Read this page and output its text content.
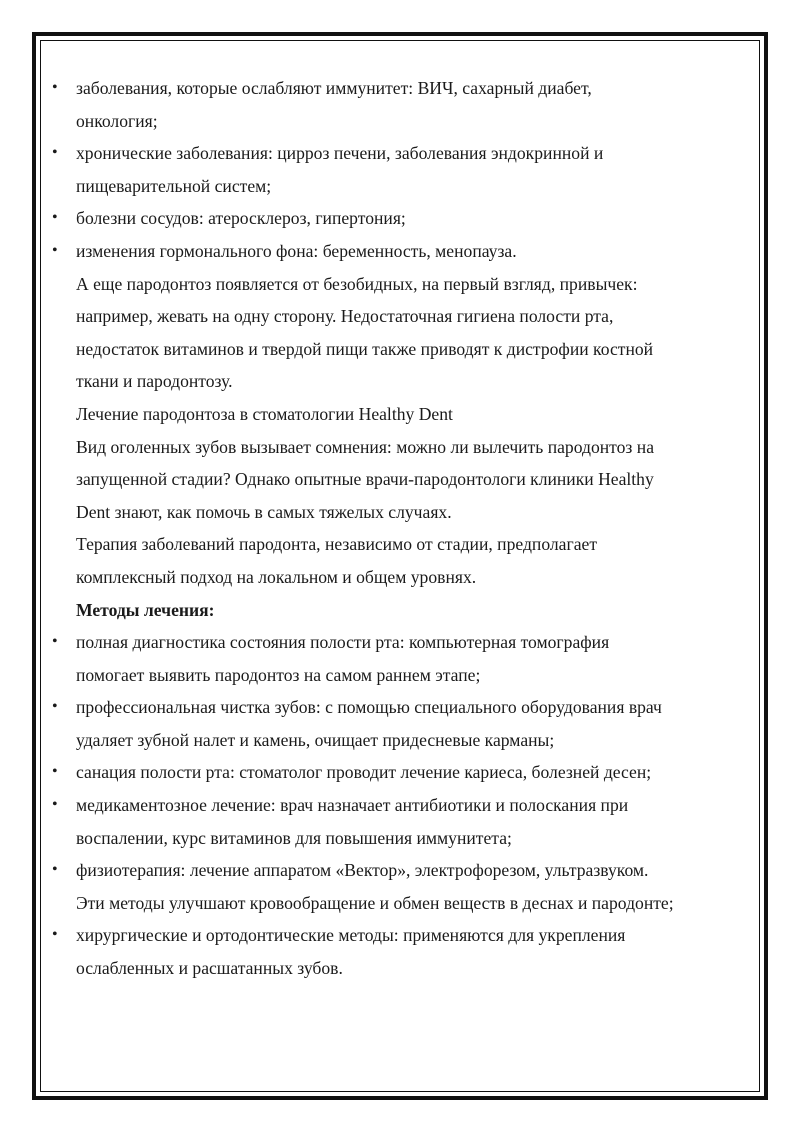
• заболевания, которые ослабляют иммунитет: ВИЧ, сахарный диабет,
онкология;
• хронические заболевания: цирроз печени, заболевания эндокринной и
пищеварительной систем;
• болезни сосудов: атеросклероз, гипертония;
• изменения гормонального фона: беременность, менопауза.
А еще пародонтоз появляется от безобидных, на первый взгляд, привычек:
например, жевать на одну сторону. Недостаточная гигиена полости рта,
недостаток витаминов и твердой пищи также приводят к дистрофии костной
ткани и пародонтозу.
Лечение пародонтоза в стоматологии Healthy Dent
Вид оголенных зубов вызывает сомнения: можно ли вылечить пародонтоз на
запущенной стадии? Однако опытные врачи-пародонтологи клиники Healthy
Dent знают, как помочь в самых тяжелых случаях.
Терапия заболеваний пародонта, независимо от стадии, предполагает
комплексный подход на локальном и общем уровнях.
Методы лечения:
• полная диагностика состояния полости рта: компьютерная томография
помогает выявить пародонтоз на самом раннем этапе;
• профессиональная чистка зубов: с помощью специального оборудования врач
удаляет зубной налет и камень, очищает придесневые карманы;
• санация полости рта: стоматолог проводит лечение кариеса, болезней десен;
• медикаментозное лечение: врач назначает антибиотики и полоскания при
воспалении, курс витаминов для повышения иммунитета;
• физиотерапия: лечение аппаратом «Вектор», электрофорезом, ультразвуком.
Эти методы улучшают кровообращение и обмен веществ в деснах и пародонте;
• хирургические и ортодонтические методы: применяются для укрепления
ослабленных и расшатанных зубов.
